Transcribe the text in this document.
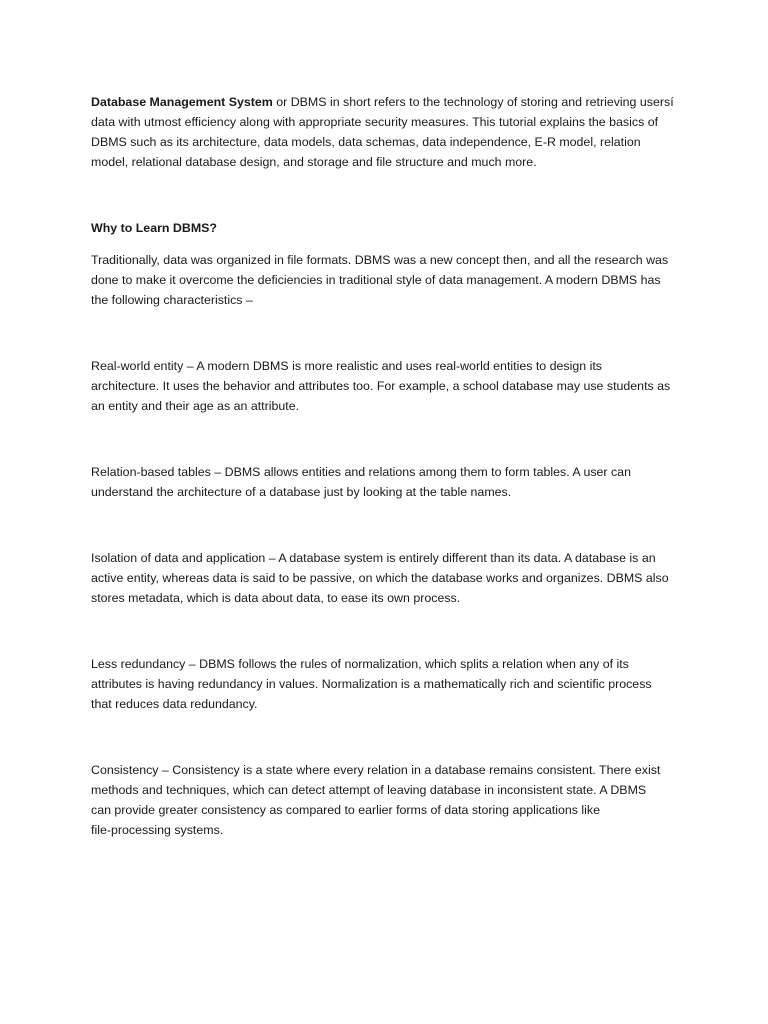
Database Management System or DBMS in short refers to the technology of storing and retrieving usersí
data with utmost efficiency along with appropriate security measures. This tutorial explains the basics of
DBMS such as its architecture, data models, data schemas, data independence, E-R model, relation
model, relational database design, and storage and file structure and much more.

Why to Learn DBMS?

Traditionally, data was organized in file formats. DBMS was a new concept then, and all the research was
done to make it overcome the deficiencies in traditional style of data management. A modern DBMS has
the following characteristics –

Real-world entity – A modern DBMS is more realistic and uses real-world entities to design its
architecture. It uses the behavior and attributes too. For example, a school database may use students as
an entity and their age as an attribute.

Relation-based tables – DBMS allows entities and relations among them to form tables. A user can
understand the architecture of a database just by looking at the table names.

Isolation of data and application – A database system is entirely different than its data. A database is an
active entity, whereas data is said to be passive, on which the database works and organizes. DBMS also
stores metadata, which is data about data, to ease its own process.

Less redundancy – DBMS follows the rules of normalization, which splits a relation when any of its
attributes is having redundancy in values. Normalization is a mathematically rich and scientific process
that reduces data redundancy.

Consistency – Consistency is a state where every relation in a database remains consistent. There exist
methods and techniques, which can detect attempt of leaving database in inconsistent state. A DBMS
can provide greater consistency as compared to earlier forms of data storing applications like
file-processing systems.
